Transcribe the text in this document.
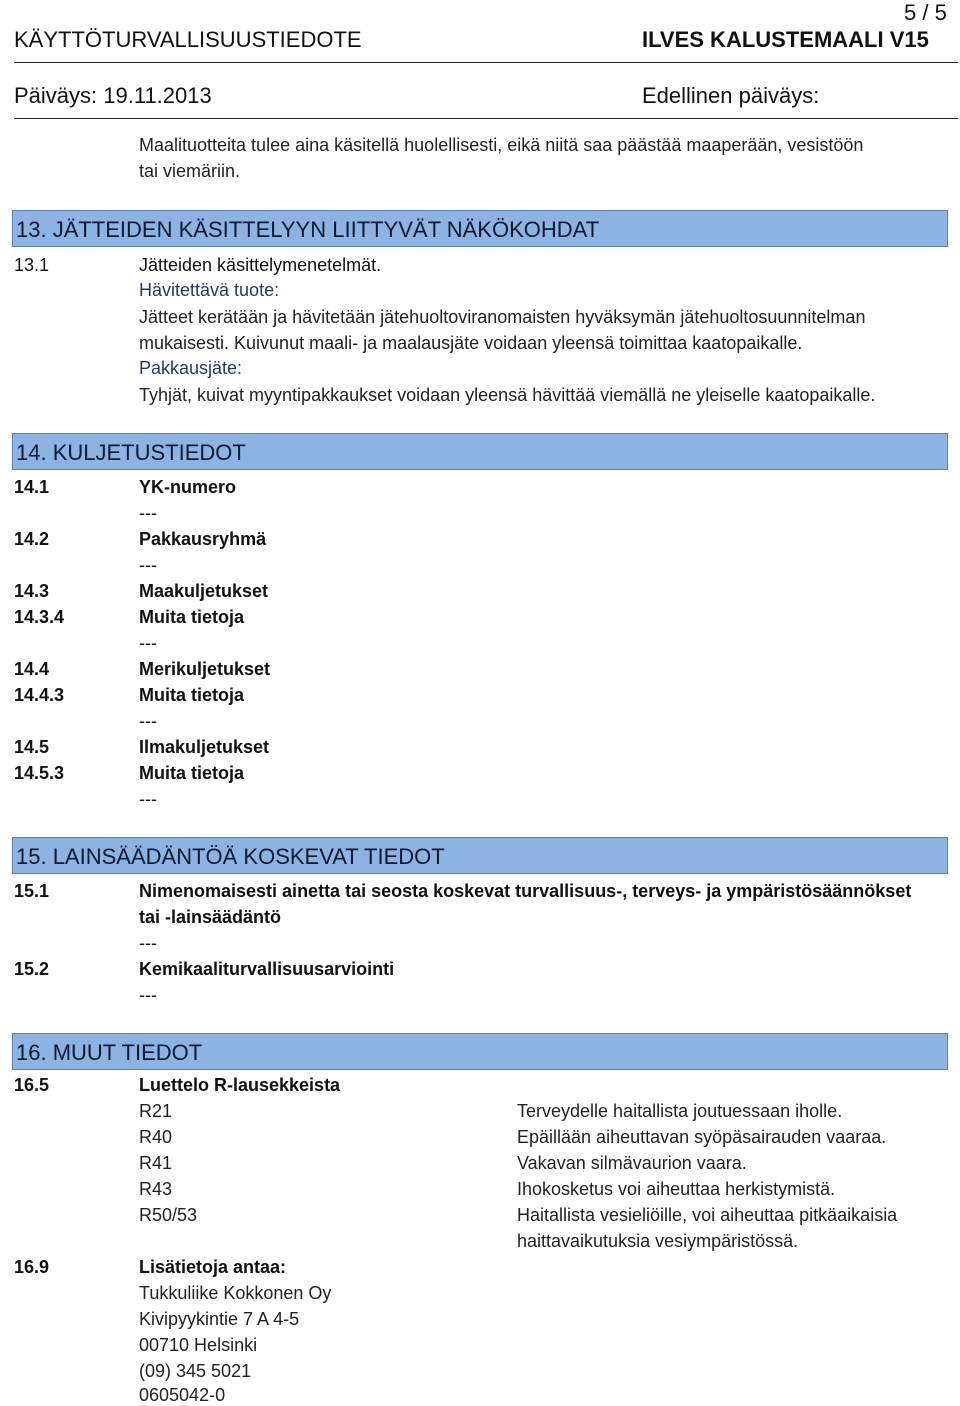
5 / 5
KÄYTTÖTURVALLISUUSTIEDOTE	ILVES KALUSTEMAALI V15
Päiväys: 19.11.2013	Edellinen päiväys:
Maalituotteita tulee aina käsitellä huolellisesti, eikä niitä saa päästää maaperään, vesistöön
tai viemäriin.
13. JÄTTEIDEN KÄSITTELYYN LIITTYVÄT NÄKÖKOHDAT
13.1	Jätteiden käsittelymenetelmät.
Hävitettävä tuote:
Jätteet kerätään ja hävitetään jätehuoltoviranomaisten hyväksymän jätehuoltosuunnitelman
mukaisesti. Kuivunut maali- ja maalausjäte voidaan yleensä toimittaa kaatopaikalle.
Pakkausjäte:
Tyhjät, kuivat myyntipakkaukset voidaan yleensä hävittää viemällä ne yleiselle kaatopaikalle.
14. KULJETUSTIEDOT
14.1	YK-numero
---
14.2	Pakkausryhmä
---
14.3	Maakuljetukset
14.3.4	Muita tietoja
---
14.4	Merikuljetukset
14.4.3	Muita tietoja
---
14.5	Ilmakuljetukset
14.5.3	Muita tietoja
---
15. LAINSÄÄDÄNTÖÄ KOSKEVAT TIEDOT
15.1	Nimenomaisesti ainetta tai seosta koskevat turvallisuus-, terveys- ja ympäristösäännökset
tai -lainsäädäntö
---
15.2	Kemikaaliturvallisuusarviointi
---
16. MUUT TIEDOT
16.5	Luettelo R-lausekkeista
R21	Terveydelle haitallista joutuessaan iholle.
R40	Epäillään aiheuttavan syöpäsairauden vaaraa.
R41	Vakavan silmävaurion vaara.
R43	Ihokosketus voi aiheuttaa herkistymistä.
R50/53	Haitallista vesieliöille, voi aiheuttaa pitkäaikaisia
haittavaikutuksia vesiympäristössä.
16.9	Lisätietoja antaa:
Tukkuliike Kokkonen Oy
Kivipyykintie 7 A 4-5
00710 Helsinki
(09) 345 5021
0605042-0
